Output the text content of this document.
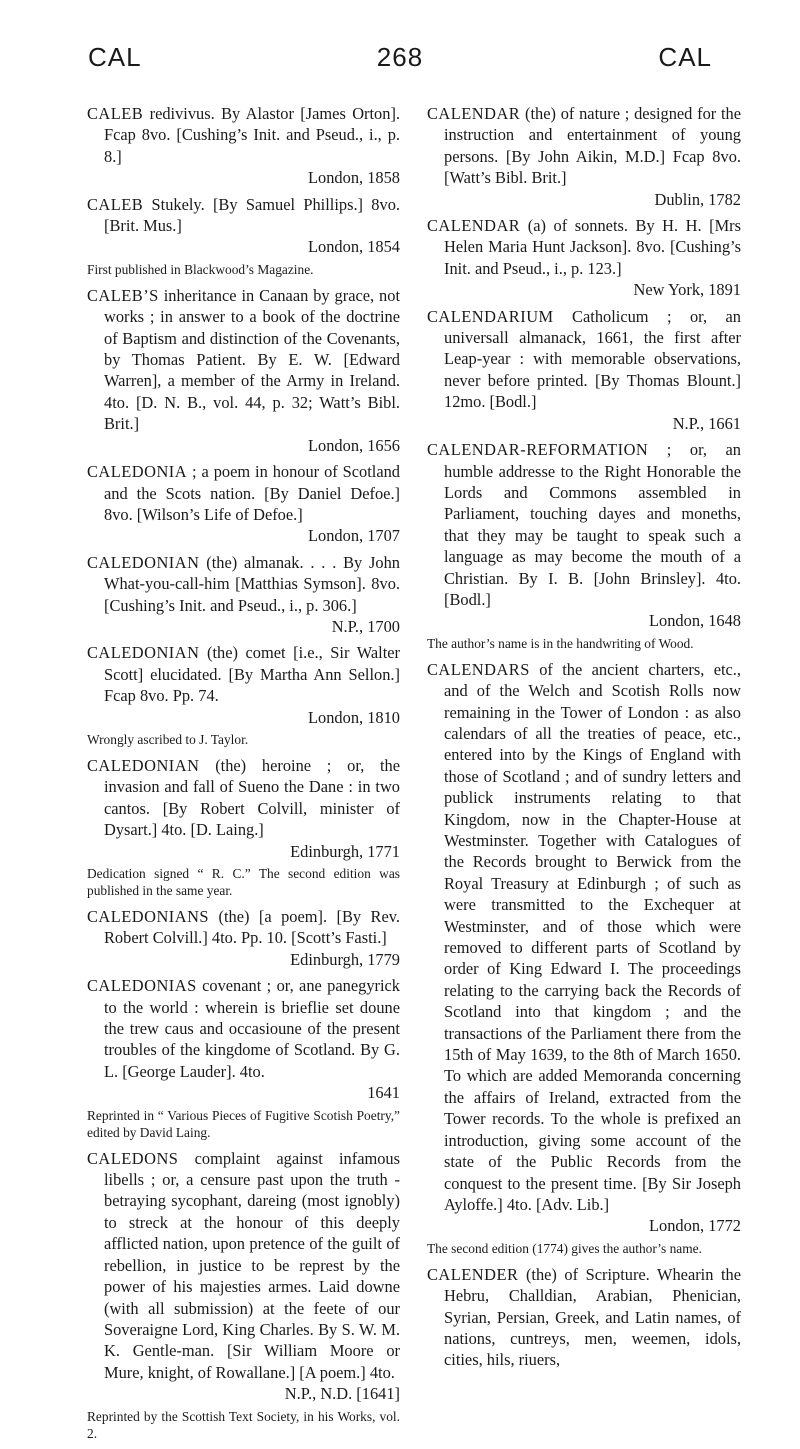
CAL	268	CAL

CALEB redivivus. By Alastor [James Orton]. Fcap 8vo. [Cushing’s Init. and Pseud., i., p. 8.]
London, 1858

CALEB Stukely. [By Samuel Phillips.] 8vo. [Brit. Mus.]
London, 1854

First published in Blackwood’s Magazine.

CALEB’S inheritance in Canaan by grace, not works ; in answer to a book of the doctrine of Baptism and distinction of the Covenants, by Thomas Patient. By E. W. [Edward Warren], a member of the Army in Ireland. 4to. [D. N. B., vol. 44, p. 32; Watt’s Bibl. Brit.]
London, 1656

CALEDONIA ; a poem in honour of Scotland and the Scots nation. [By Daniel Defoe.] 8vo. [Wilson’s Life of Defoe.]
London, 1707

CALEDONIAN (the) almanak. . . . By John What-you-call-him [Matthias Symson]. 8vo. [Cushing’s Init. and Pseud., i., p. 306.]
N.P., 1700

CALEDONIAN (the) comet [i.e., Sir Walter Scott] elucidated. [By Martha Ann Sellon.] Fcap 8vo. Pp. 74.
London, 1810

Wrongly ascribed to J. Taylor.

CALEDONIAN (the) heroine ; or, the invasion and fall of Sueno the Dane : in two cantos. [By Robert Colvill, minister of Dysart.] 4to. [D. Laing.]
Edinburgh, 1771

Dedication signed “ R. C.” The second edition was published in the same year.

CALEDONIANS (the) [a poem]. [By Rev. Robert Colvill.] 4to. Pp. 10. [Scott’s Fasti.]
Edinburgh, 1779

CALEDONIAS covenant ; or, ane panegyrick to the world : wherein is brieflie set doune the trew caus and occasioune of the present troubles of the kingdome of Scotland. By G. L. [George Lauder]. 4to.
1641

Reprinted in “ Various Pieces of Fugitive Scotish Poetry,” edited by David Laing.

CALEDONS complaint against infamous libells ; or, a censure past upon the truth - betraying sycophant, dareing (most ignobly) to streck at the honour of this deeply afflicted nation, upon pretence of the guilt of rebellion, in justice to be represt by the power of his majesties armes. Laid downe (with all submission) at the feete of our Soveraigne Lord, King Charles. By S. W. M. K. Gentle-man. [Sir William Moore or Mure, knight, of Rowallane.] [A poem.] 4to.
N.P., N.D. [1641]

Reprinted by the Scottish Text Society, in his Works, vol. 2.

CALENDAR (the) of nature ; designed for the instruction and entertainment of young persons. [By John Aikin, M.D.] Fcap 8vo. [Watt’s Bibl. Brit.]
Dublin, 1782

CALENDAR (a) of sonnets. By H. H. [Mrs Helen Maria Hunt Jackson]. 8vo. [Cushing’s Init. and Pseud., i., p. 123.]
New York, 1891

CALENDARIUM Catholicum ; or, an universall almanack, 1661, the first after Leap-year : with memorable observations, never before printed. [By Thomas Blount.] 12mo. [Bodl.]
N.P., 1661

CALENDAR-REFORMATION ; or, an humble addresse to the Right Honorable the Lords and Commons assembled in Parliament, touching dayes and moneths, that they may be taught to speak such a language as may become the mouth of a Christian. By I. B. [John Brinsley]. 4to. [Bodl.]
London, 1648

The author’s name is in the handwriting of Wood.

CALENDARS of the ancient charters, etc., and of the Welch and Scotish Rolls now remaining in the Tower of London : as also calendars of all the treaties of peace, etc., entered into by the Kings of England with those of Scotland ; and of sundry letters and publick instruments relating to that Kingdom, now in the Chapter-House at Westminster. Together with Catalogues of the Records brought to Berwick from the Royal Treasury at Edinburgh ; of such as were transmitted to the Exchequer at Westminster, and of those which were removed to different parts of Scotland by order of King Edward I. The proceedings relating to the carrying back the Records of Scotland into that kingdom ; and the transactions of the Parliament there from the 15th of May 1639, to the 8th of March 1650. To which are added Memoranda concerning the affairs of Ireland, extracted from the Tower records. To the whole is prefixed an introduction, giving some account of the state of the Public Records from the conquest to the present time. [By Sir Joseph Ayloffe.] 4to. [Adv. Lib.]
London, 1772

The second edition (1774) gives the author’s name.

CALENDER (the) of Scripture. Whearin the Hebru, Challdian, Arabian, Phenician, Syrian, Persian, Greek, and Latin names, of nations, cuntreys, men, weemen, idols, cities, hils, riuers,
